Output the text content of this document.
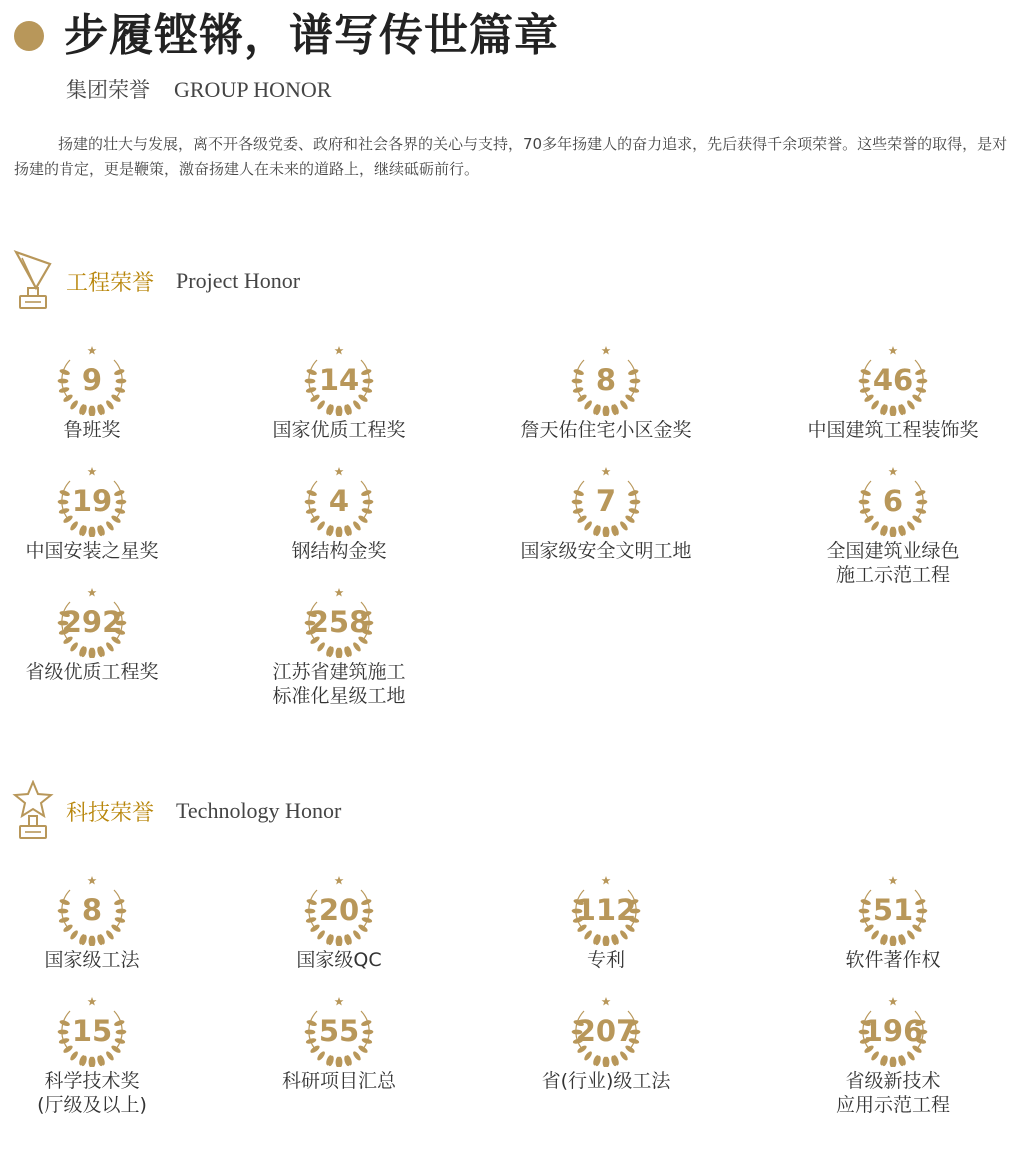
步履铿锵，谱写传世篇章
集团荣誉 GROUP HONOR

扬建的壮大与发展，离不开各级党委、政府和社会各界的关心与支持，70多年扬建人的奋力追求，先后获得千余项荣誉。这些荣誉的取得，是对扬建的肯定，更是鞭策，激奋扬建人在未来的道路上，继续砥砺前行。

工程荣誉 Project Honor
9
鲁班奖
14
国家优质工程奖
8
詹天佑住宅小区金奖
46
中国建筑工程装饰奖
19
中国安装之星奖
4
钢结构金奖
7
国家级安全文明工地
6
全国建筑业绿色
施工示范工程
292
省级优质工程奖
258
江苏省建筑施工
标准化星级工地
科技荣誉 Technology Honor
8
国家级工法
20
国家级QC
112
专利
51
软件著作权
15
科学技术奖
(厅级及以上)
55
科研项目汇总
207
省(行业)级工法
196
省级新技术
应用示范工程
